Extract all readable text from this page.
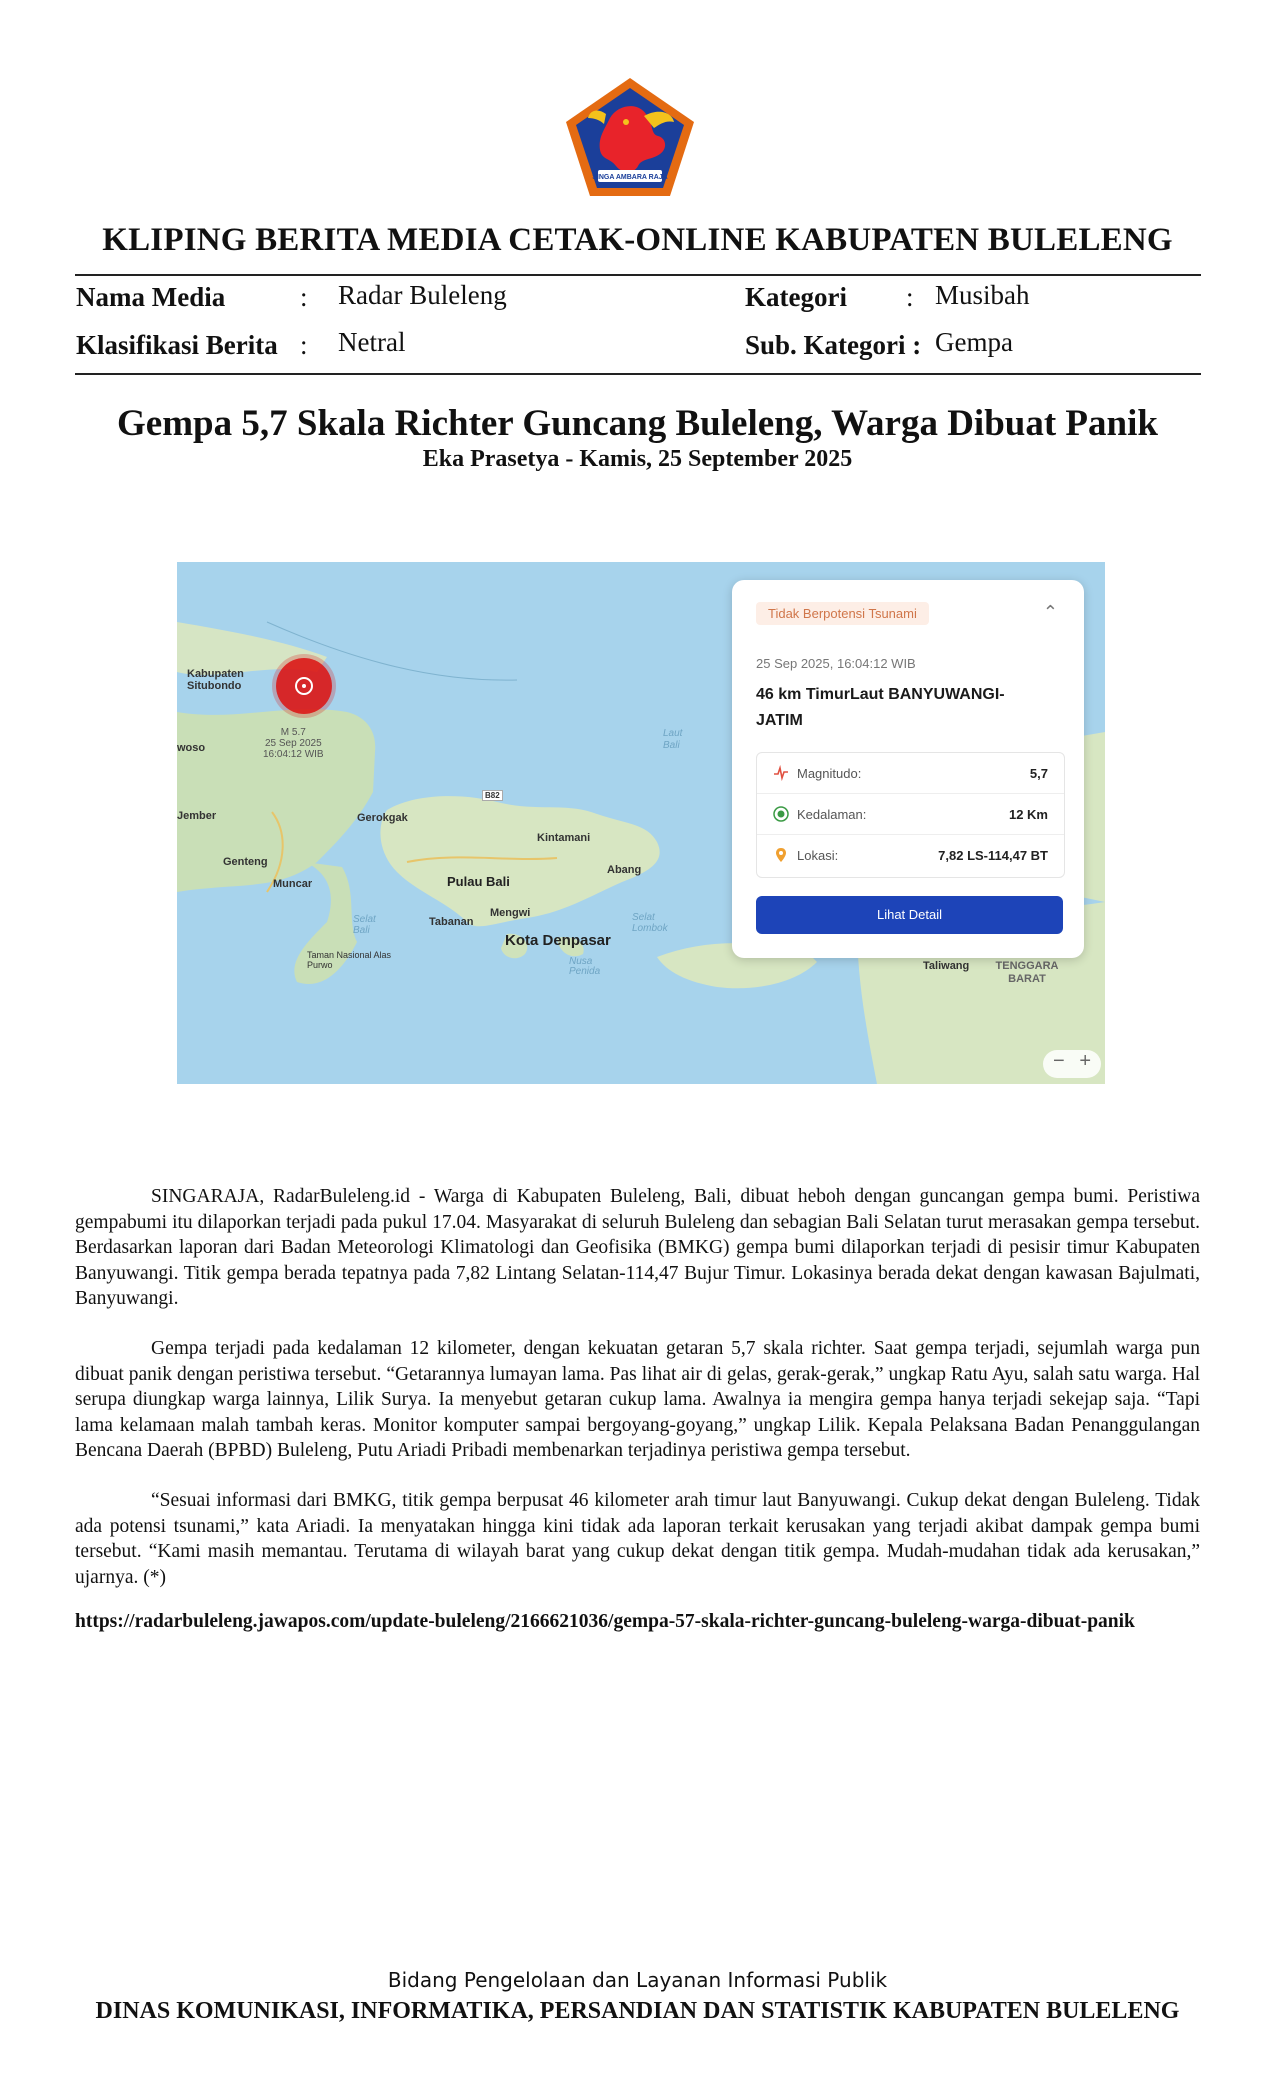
SINGA AMBARA RAJA
KLIPING BERITA MEDIA CETAK-ONLINE KABUPATEN BULELENG
Nama Media	: Radar Buleleng	Kategori : Musibah
Klasifikasi Berita : Netral	Sub. Kategori : Gempa
Gempa 5,7 Skala Richter Guncang Buleleng, Warga Dibuat Panik
Eka Prasetya - Kamis, 25 September 2025
M 5.7
25 Sep 2025
16:04:12 WIB
Kabupaten Situbondo
woso
Jember
Genteng
Muncar
Taman Nasional Alas Purwo
Gerokgak
Pulau Bali
Kintamani
Abang
Mengwi
Tabanan
Kota Denpasar
Nusa Penida
Laut Bali
Selat Bali
Selat Lombok
Taliwang	TENGGARA BARAT
B82
Tidak Berpotensi Tsunami	⌃
25 Sep 2025, 16:04:12 WIB
46 km TimurLaut BANYUWANGI-JATIM
Magnitudo:	5,7
Kedalaman:	12 Km
Lokasi:	7,82 LS-114,47 BT
Lihat Detail
− +

SINGARAJA, RadarBuleleng.id - Warga di Kabupaten Buleleng, Bali, dibuat heboh dengan guncangan gempa bumi. Peristiwa gempabumi itu dilaporkan terjadi pada pukul 17.04. Masyarakat di seluruh Buleleng dan sebagian Bali Selatan turut merasakan gempa tersebut. Berdasarkan laporan dari Badan Meteorologi Klimatologi dan Geofisika (BMKG) gempa bumi dilaporkan terjadi di pesisir timur Kabupaten Banyuwangi. Titik gempa berada tepatnya pada 7,82 Lintang Selatan-114,47 Bujur Timur. Lokasinya berada dekat dengan kawasan Bajulmati, Banyuwangi.

Gempa terjadi pada kedalaman 12 kilometer, dengan kekuatan getaran 5,7 skala richter. Saat gempa terjadi, sejumlah warga pun dibuat panik dengan peristiwa tersebut. “Getarannya lumayan lama. Pas lihat air di gelas, gerak-gerak,” ungkap Ratu Ayu, salah satu warga. Hal serupa diungkap warga lainnya, Lilik Surya. Ia menyebut getaran cukup lama. Awalnya ia mengira gempa hanya terjadi sekejap saja. “Tapi lama kelamaan malah tambah keras. Monitor komputer sampai bergoyang-goyang,” ungkap Lilik. Kepala Pelaksana Badan Penanggulangan Bencana Daerah (BPBD) Buleleng, Putu Ariadi Pribadi membenarkan terjadinya peristiwa gempa tersebut.

“Sesuai informasi dari BMKG, titik gempa berpusat 46 kilometer arah timur laut Banyuwangi. Cukup dekat dengan Buleleng. Tidak ada potensi tsunami,” kata Ariadi. Ia menyatakan hingga kini tidak ada laporan terkait kerusakan yang terjadi akibat dampak gempa bumi tersebut. “Kami masih memantau. Terutama di wilayah barat yang cukup dekat dengan titik gempa. Mudah-mudahan tidak ada kerusakan,” ujarnya. (*)

https://radarbuleleng.jawapos.com/update-buleleng/2166621036/gempa-57-skala-richter-guncang-buleleng-warga-dibuat-panik
Bidang Pengelolaan dan Layanan Informasi Publik
DINAS KOMUNIKASI, INFORMATIKA, PERSANDIAN DAN STATISTIK KABUPATEN BULELENG
